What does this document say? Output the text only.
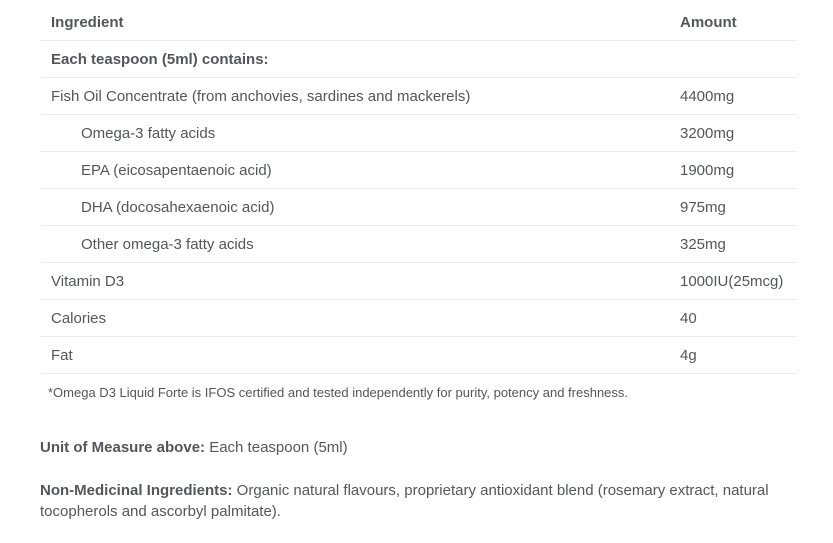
Ingredient	Amount
Each teaspoon (5ml) contains:
Fish Oil Concentrate (from anchovies, sardines and mackerels)	4400mg
Omega-3 fatty acids	3200mg
EPA (eicosapentaenoic acid)	1900mg
DHA (docosahexaenoic acid)	975mg
Other omega-3 fatty acids	325mg
Vitamin D3	1000IU(25mcg)
Calories	40
Fat	4g
*Omega D3 Liquid Forte is IFOS certified and tested independently for purity, potency and freshness.

Unit of Measure above: Each teaspoon (5ml)

Non-Medicinal Ingredients: Organic natural flavours, proprietary antioxidant blend (rosemary extract, natural tocopherols and ascorbyl palmitate).
